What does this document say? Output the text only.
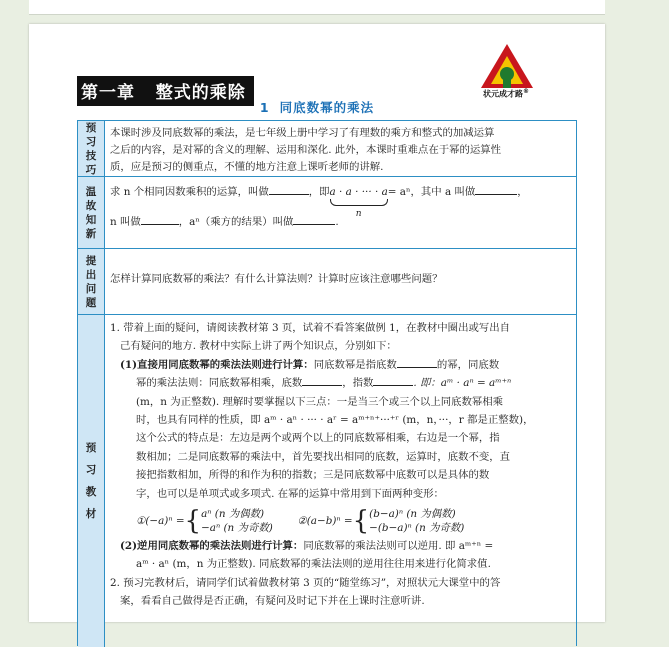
第一章   整式的乘除	状元成才路®
1 同底数幂的乘法
预习技巧
本课时涉及同底数幂的乘法，是七年级上册中学习了有理数的乘方和整式的加减运算
之后的内容，是对幂的含义的理解、运用和深化. 此外，本课时重难点在于幂的运算性
质，应是预习的侧重点，不懂的地方注意上课听老师的讲解.
温故知新
求 n 个相同因数乘积的运算，叫做	，即a · a · ··· · a
n
= aⁿ，其中 a 叫做	，
n 叫做	，aⁿ（乘方的结果）叫做	.
提出问题
怎样计算同底数幂的乘法？有什么计算法则？计算时应该注意哪些问题？
预习教材
1. 带着上面的疑问，请阅读教材第 3 页，试着不看答案做例 1，在教材中圈出或写出自
己有疑问的地方. 教材中实际上讲了两个知识点，分别如下：
(1)直接用同底数幂的乘法法则进行计算：同底数幂是指底数	的幂，同底数
幂的乘法法则：同底数幂相乘，底数	，指数	. 即：aᵐ · aⁿ = aᵐ⁺ⁿ
(m，n 为正整数). 理解时要掌握以下三点：一是当三个或三个以上同底数幂相乘
时，也具有同样的性质，即 aᵐ · aⁿ · ··· · aʳ = aᵐ⁺ⁿ⁺···⁺ʳ (m，n，···，r 都是正整数)，
这个公式的特点是：左边是两个或两个以上的同底数幂相乘，右边是一个幂，指
数相加；二是同底数幂的乘法中，首先要找出相同的底数，运算时，底数不变，直
接把指数相加，所得的和作为积的指数；三是同底数幂中底数可以是具体的数
字，也可以是单项式或多项式. 在幂的运算中常用到下面两种变形：
①(−a)ⁿ ={ aⁿ (n 为偶数)
−aⁿ (n 为奇数)
②(a−b)ⁿ ={ (b−a)ⁿ (n 为偶数)
−(b−a)ⁿ (n 为奇数)
(2)逆用同底数幂的乘法法则进行计算：同底数幂的乘法法则可以逆用. 即 aᵐ⁺ⁿ =
aᵐ · aⁿ (m，n 为正整数). 同底数幂的乘法法则的逆用往往用来进行化简求值.
2. 预习完教材后，请同学们试着做教材第 3 页的“随堂练习”，对照状元大课堂中的答
案，看看自己做得是否正确，有疑问及时记下并在上课时注意听讲.
